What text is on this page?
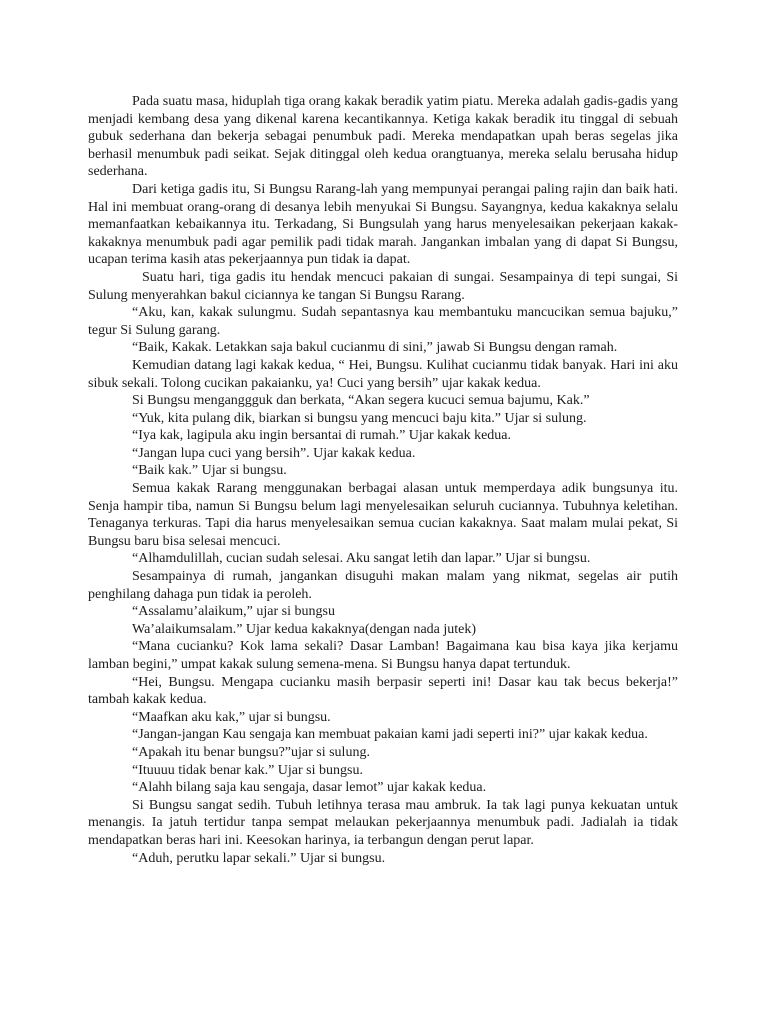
Pada suatu masa, hiduplah tiga orang kakak beradik yatim piatu. Mereka adalah gadis-gadis yang menjadi kembang desa yang dikenal karena kecantikannya. Ketiga kakak beradik itu tinggal di sebuah gubuk sederhana dan bekerja sebagai penumbuk padi. Mereka mendapatkan upah beras segelas jika berhasil menumbuk padi seikat. Sejak ditinggal oleh kedua orangtuanya, mereka selalu berusaha hidup sederhana.

Dari ketiga gadis itu, Si Bungsu Rarang-lah yang mempunyai perangai paling rajin dan baik hati. Hal ini membuat orang-orang di desanya lebih menyukai Si Bungsu. Sayangnya, kedua kakaknya selalu memanfaatkan kebaikannya itu. Terkadang, Si Bungsulah yang harus menyelesaikan pekerjaan kakak-kakaknya menumbuk padi agar pemilik padi tidak marah. Jangankan imbalan yang di dapat Si Bungsu, ucapan terima kasih atas pekerjaannya pun tidak ia dapat.

Suatu hari, tiga gadis itu hendak mencuci pakaian di sungai. Sesampainya di tepi sungai, Si Sulung menyerahkan bakul ciciannya ke tangan Si Bungsu Rarang.

“Aku, kan, kakak sulungmu. Sudah sepantasnya kau membantuku mancucikan semua bajuku,” tegur Si Sulung garang.

“Baik, Kakak. Letakkan saja bakul cucianmu di sini,” jawab Si Bungsu dengan ramah.

Kemudian datang lagi kakak kedua, “ Hei, Bungsu. Kulihat cucianmu tidak banyak. Hari ini aku sibuk sekali. Tolong cucikan pakaianku, ya! Cuci yang bersih” ujar kakak kedua.

Si Bungsu menganggguk dan berkata, “Akan segera kucuci semua bajumu, Kak.”

“Yuk, kita pulang dik, biarkan si bungsu yang mencuci baju kita.” Ujar si sulung.

“Iya kak, lagipula aku ingin bersantai di rumah.” Ujar kakak kedua.

“Jangan lupa cuci yang bersih”. Ujar kakak kedua.

“Baik kak.” Ujar si bungsu.

Semua kakak Rarang menggunakan berbagai alasan untuk memperdaya adik bungsunya itu. Senja hampir tiba, namun Si Bungsu belum lagi menyelesaikan seluruh cuciannya. Tubuhnya keletihan. Tenaganya terkuras. Tapi dia harus menyelesaikan semua cucian kakaknya. Saat malam mulai pekat, Si Bungsu baru bisa selesai mencuci.

“Alhamdulillah, cucian sudah selesai. Aku sangat letih dan lapar.” Ujar si bungsu.

Sesampainya di rumah, jangankan disuguhi makan malam yang nikmat, segelas air putih penghilang dahaga pun tidak ia peroleh.

“Assalamu’alaikum,” ujar si bungsu

Wa’alaikumsalam.” Ujar kedua kakaknya(dengan nada jutek)

“Mana cucianku? Kok lama sekali? Dasar Lamban! Bagaimana kau bisa kaya jika kerjamu lamban begini,” umpat kakak sulung semena-mena. Si Bungsu hanya dapat tertunduk.

“Hei, Bungsu. Mengapa cucianku masih berpasir seperti ini! Dasar kau tak becus bekerja!” tambah kakak kedua.

“Maafkan aku kak,” ujar si bungsu.

“Jangan-jangan Kau sengaja kan membuat pakaian kami jadi seperti ini?” ujar kakak kedua.

“Apakah itu benar bungsu?”ujar si sulung.

“Ituuuu tidak benar kak.” Ujar si bungsu.

“Alahh bilang saja kau sengaja, dasar lemot” ujar kakak kedua.

Si Bungsu sangat sedih. Tubuh letihnya terasa mau ambruk. Ia tak lagi punya kekuatan untuk menangis. Ia jatuh tertidur tanpa sempat melaukan pekerjaannya menumbuk padi. Jadialah ia tidak mendapatkan beras hari ini. Keesokan harinya, ia terbangun dengan perut lapar.

“Aduh, perutku lapar sekali.” Ujar si bungsu.
